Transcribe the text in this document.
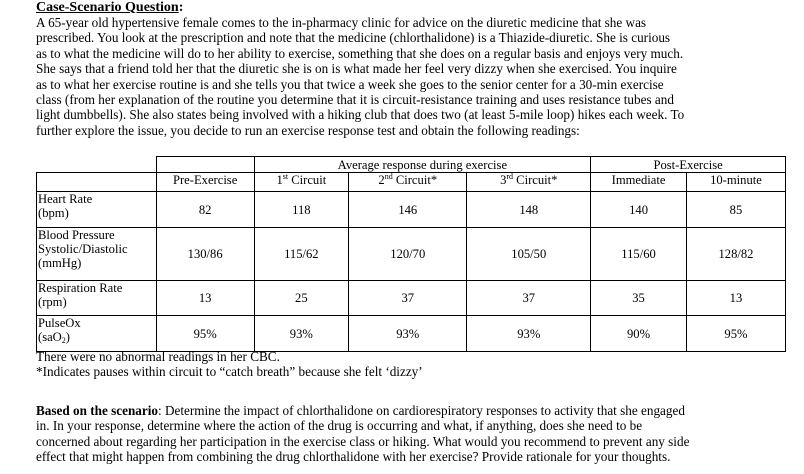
Case-Scenario Question:
A 65-year old hypertensive female comes to the in-pharmacy clinic for advice on the diuretic medicine that she was
prescribed. You look at the prescription and note that the medicine (chlorthalidone) is a Thiazide-diuretic. She is curious
as to what the medicine will do to her ability to exercise, something that she does on a regular basis and enjoys very much.
She says that a friend told her that the diuretic she is on is what made her feel very dizzy when she exercised. You inquire
as to what her exercise routine is and she tells you that twice a week she goes to the senior center for a 30-min exercise
class (from her explanation of the routine you determine that it is circuit-resistance training and uses resistance tubes and
light dumbbells). She also states being involved with a hiking club that does two (at least 5-mile loop) hikes each week. To
further explore the issue, you decide to run an exercise response test and obtain the following readings:
		Average response during exercise			Post-Exercise	
	Pre-Exercise	1st Circuit	2nd Circuit*	3rd Circuit*	Immediate	10-minute

Heart Rate
(bpm)	82	118	146	148	140	85

Blood Pressure
Systolic/Diastolic
(mmHg)	130/86	115/62	120/70	105/50	115/60	128/82

Respiration Rate
(rpm)	13	25	37	37	35	13

PulseOx
(saO$_2$)	95%	93%	93%	93%	90%	95%
There were no abnormal readings in her CBC.
*Indicates pauses within circuit to “catch breath” because she felt ‘dizzy’
Based on the scenario: Determine the impact of chlorthalidone on cardiorespiratory responses to activity that she engaged
in. In your response, determine where the action of the drug is occurring and what, if anything, does she need to be
concerned about regarding her participation in the exercise class or hiking. What would you recommend to prevent any side
effect that might happen from combining the drug chlorthalidone with her exercise? Provide rationale for your thoughts.
